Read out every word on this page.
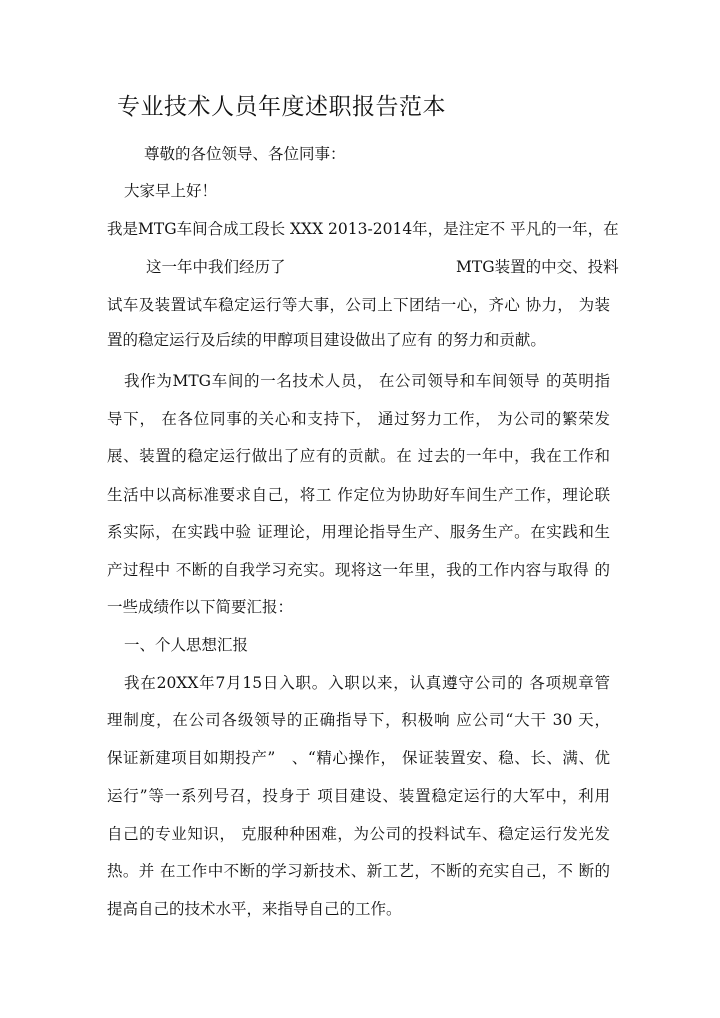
专业技术人员年度述职报告范本
尊敬的各位领导、各位同事：
大家早上好！
我是MTG车间合成工段长 XXX 2013-2014年，是注定不 平凡的一年，在
这一年中我们经历了	MTG装置的中交、投料
试车及装置试车稳定运行等大事，公司上下团结一心，齐心 协力， 为装
置的稳定运行及后续的甲醇项目建设做出了应有 的努力和贡献。
我作为MTG车间的一名技术人员， 在公司领导和车间领导 的英明指
导下， 在各位同事的关心和支持下， 通过努力工作， 为公司的繁荣发
展、装置的稳定运行做出了应有的贡献。在 过去的一年中，我在工作和
生活中以高标准要求自己，将工 作定位为协助好车间生产工作，理论联
系实际，在实践中验 证理论，用理论指导生产、服务生产。在实践和生
产过程中 不断的自我学习充实。现将这一年里，我的工作内容与取得 的
一些成绩作以下简要汇报：
一、个人思想汇报
我在20XX年7月15日入职。入职以来，认真遵守公司的 各项规章管
理制度，在公司各级领导的正确指导下，积极响 应公司“大干 30 天，
保证新建项目如期投产”　、“精心操作， 保证装置安、稳、长、满、优
运行”等一系列号召，投身于 项目建设、装置稳定运行的大军中，利用
自己的专业知识， 克服种种困难，为公司的投料试车、稳定运行发光发
热。并 在工作中不断的学习新技术、新工艺，不断的充实自己，不 断的
提高自己的技术水平，来指导自己的工作。
